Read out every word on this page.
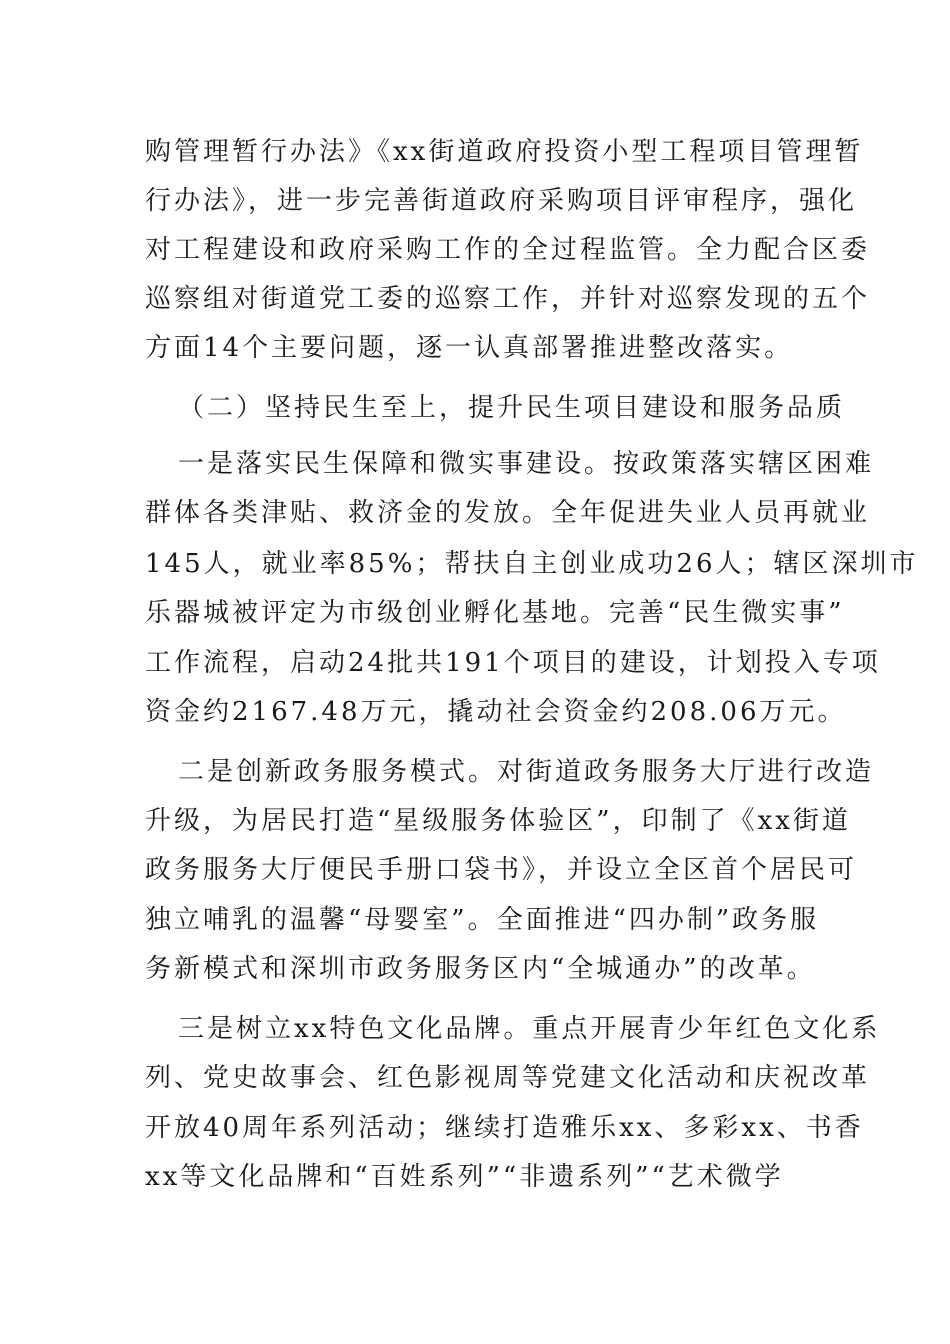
购管理暂行办法》《xx街道政府投资小型工程项目管理暂
行办法》，进一步完善街道政府采购项目评审程序，强化
对工程建设和政府采购工作的全过程监管。全力配合区委
巡察组对街道党工委的巡察工作，并针对巡察发现的五个
方面14个主要问题，逐一认真部署推进整改落实。
（二）坚持民生至上，提升民生项目建设和服务品质
一是落实民生保障和微实事建设。按政策落实辖区困难
群体各类津贴、救济金的发放。全年促进失业人员再就业
145人，就业率85%；帮扶自主创业成功26人；辖区深圳市
乐器城被评定为市级创业孵化基地。完善“民生微实事”
工作流程，启动24批共191个项目的建设，计划投入专项
资金约2167.48万元，撬动社会资金约208.06万元。
二是创新政务服务模式。对街道政务服务大厅进行改造
升级，为居民打造“星级服务体验区”，印制了《xx街道
政务服务大厅便民手册口袋书》，并设立全区首个居民可
独立哺乳的温馨“母婴室”。全面推进“四办制”政务服
务新模式和深圳市政务服务区内“全城通办”的改革。
三是树立xx特色文化品牌。重点开展青少年红色文化系
列、党史故事会、红色影视周等党建文化活动和庆祝改革
开放40周年系列活动；继续打造雅乐xx、多彩xx、书香
xx等文化品牌和“百姓系列”“非遗系列”“艺术微学
